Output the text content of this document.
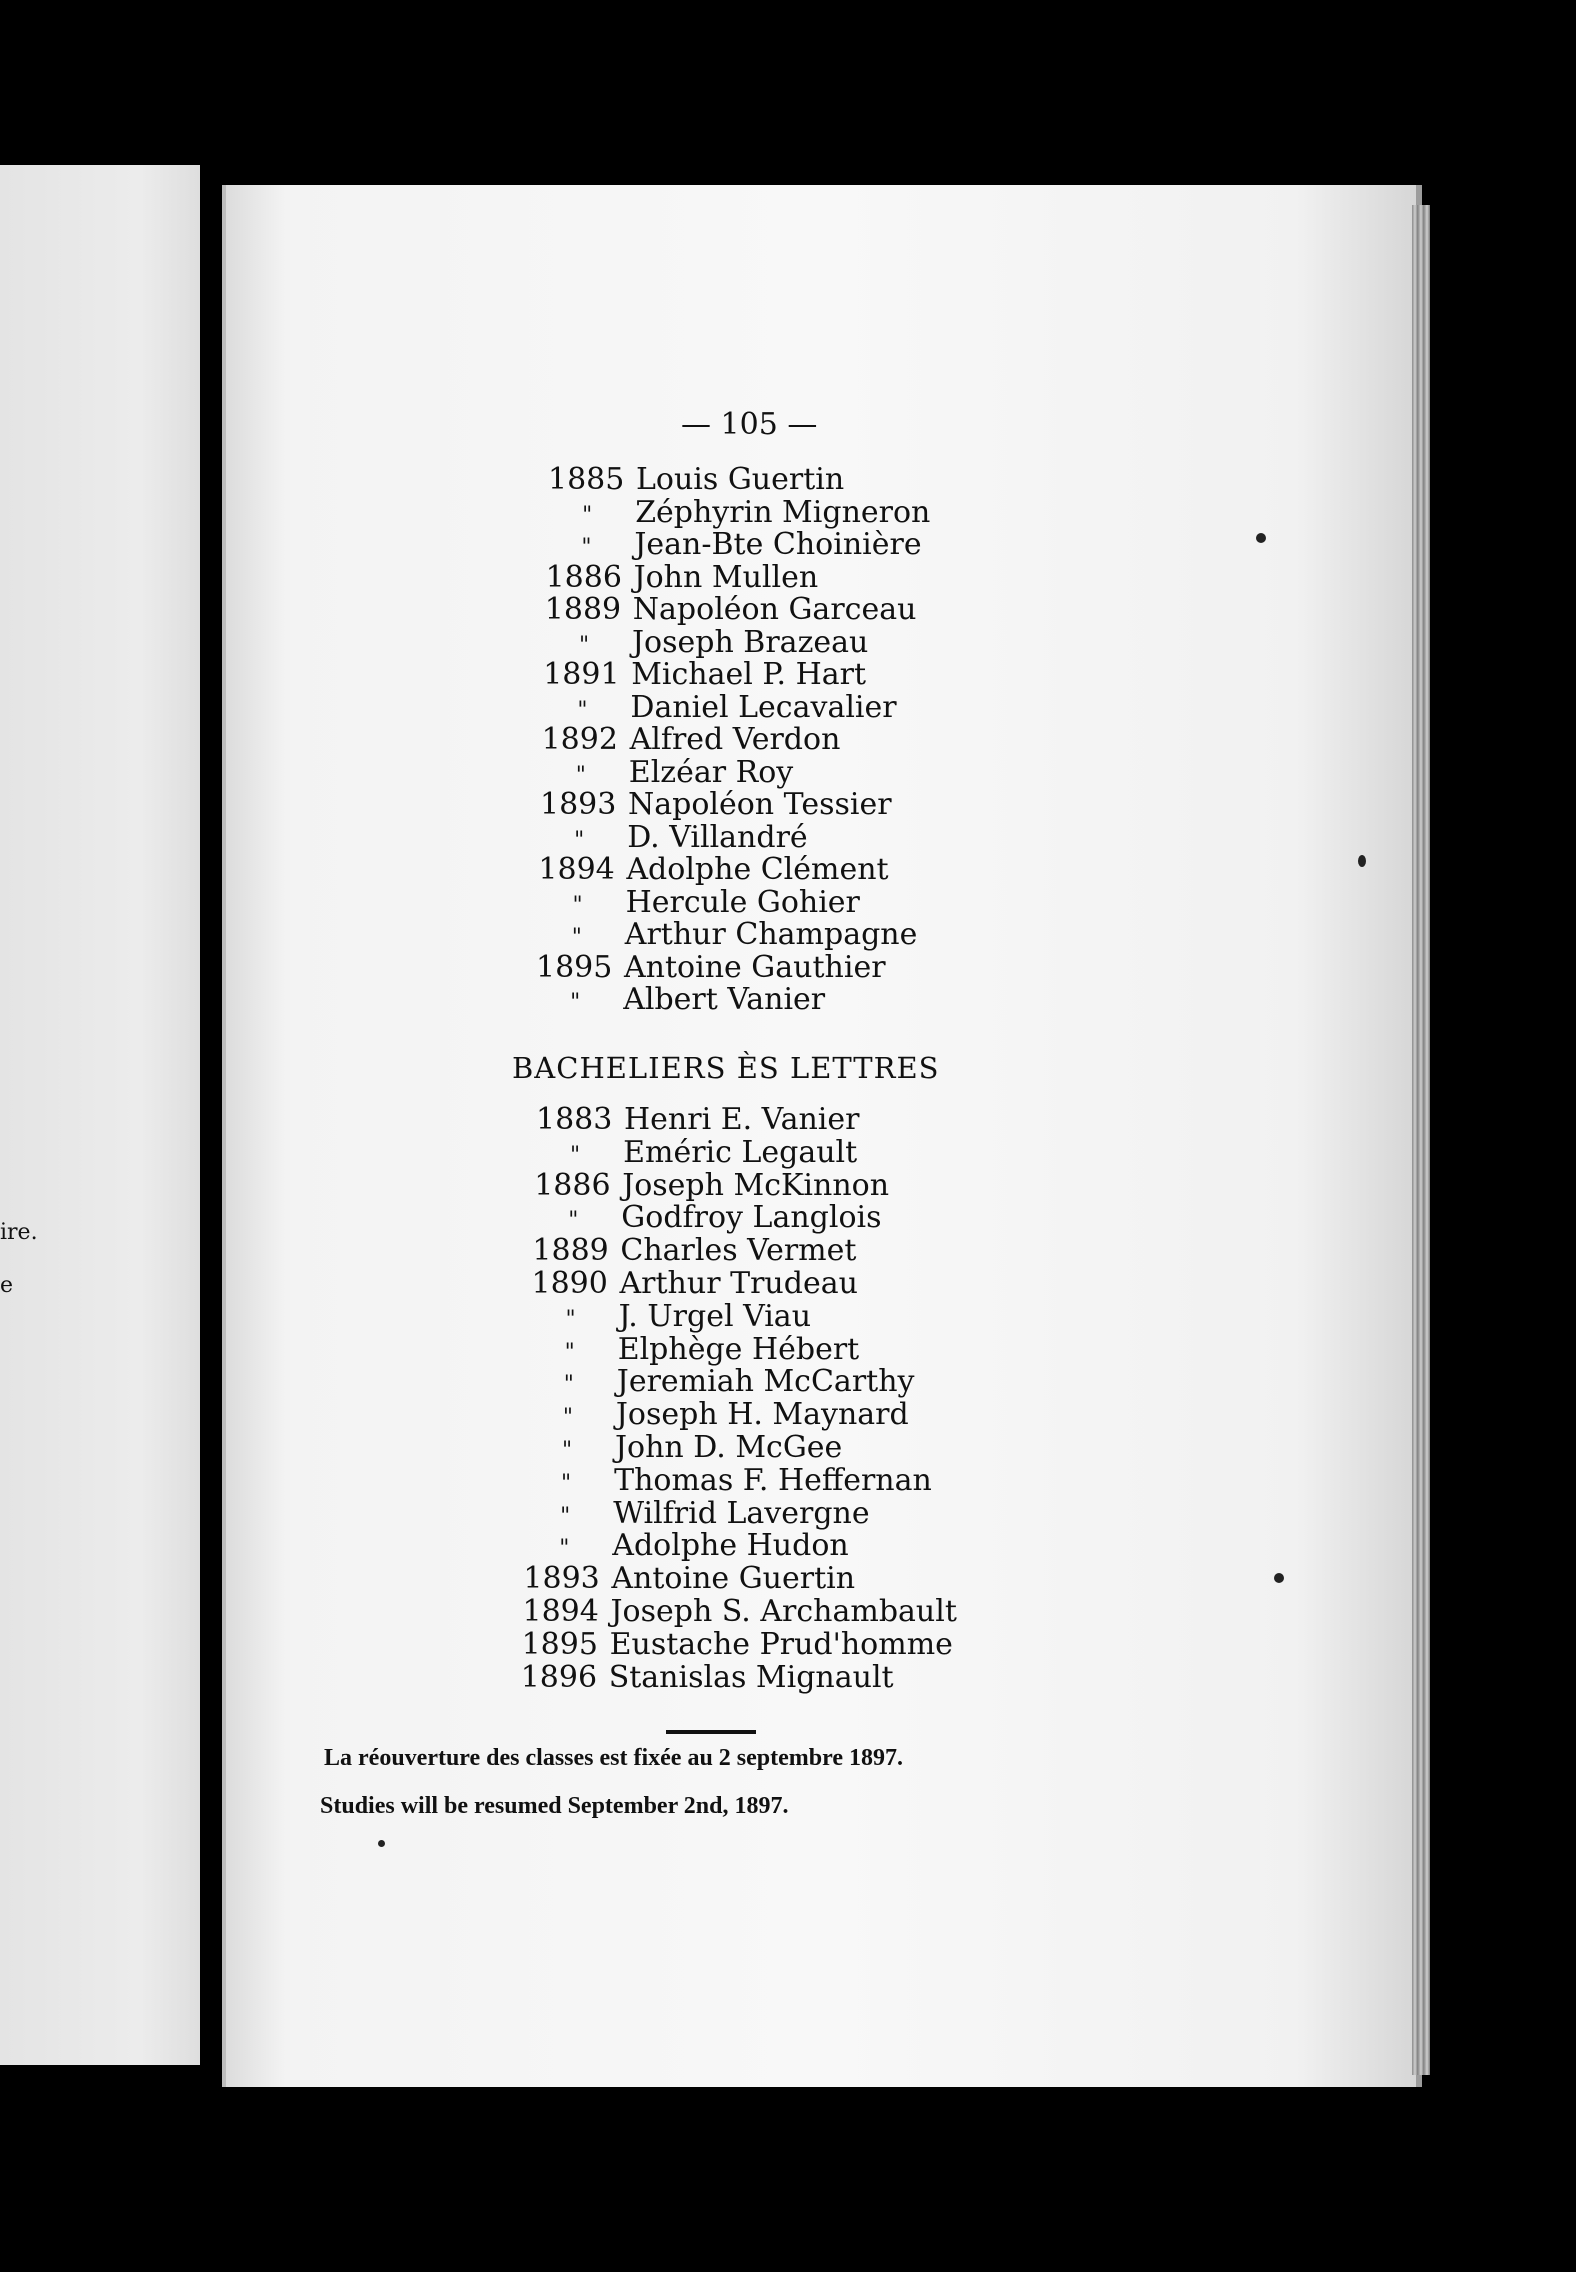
ire.
e
— 105 —
1885 Louis Guertin
" Zéphyrin Migneron
" Jean-Bte Choinière
1886 John Mullen
1889 Napoléon Garceau
" Joseph Brazeau
1891 Michael P. Hart
" Daniel Lecavalier
1892 Alfred Verdon
" Elzéar Roy
1893 Napoléon Tessier
" D. Villandré
1894 Adolphe Clément
" Hercule Gohier
" Arthur Champagne
1895 Antoine Gauthier
" Albert Vanier
BACHELIERS ÈS LETTRES
1883 Henri E. Vanier
" Eméric Legault
1886 Joseph McKinnon
" Godfroy Langlois
1889 Charles Vermet
1890 Arthur Trudeau
" J. Urgel Viau
" Elphège Hébert
" Jeremiah McCarthy
" Joseph H. Maynard
" John D. McGee
" Thomas F. Heffernan
" Wilfrid Lavergne
" Adolphe Hudon
1893 Antoine Guertin
1894 Joseph S. Archambault
1895 Eustache Prud'homme
1896 Stanislas Mignault
La réouverture des classes est fixée au 2 septembre 1897.
Studies will be resumed September 2nd, 1897.
